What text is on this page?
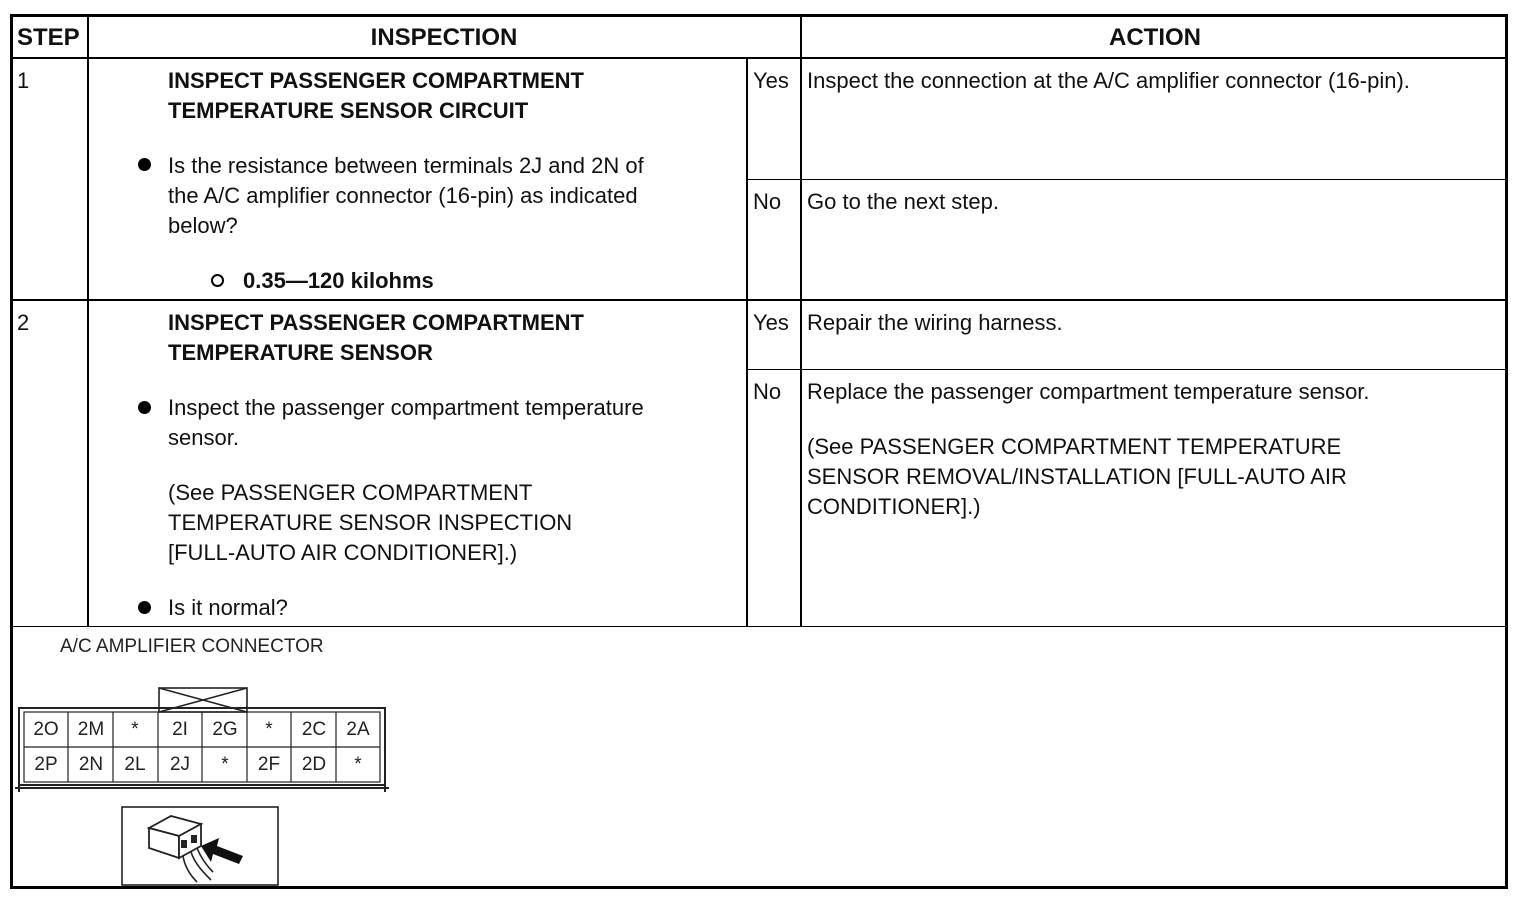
STEP	INSPECTION	ACTION
1	INSPECT PASSENGER COMPARTMENT
TEMPERATURE SENSOR CIRCUIT
Is the resistance between terminals 2J and 2N of
the A/C amplifier connector (16-pin) as indicated
below?
0.35—120 kilohms
Yes Inspect the connection at the A/C amplifier connector (16-pin).
No Go to the next step.
2	INSPECT PASSENGER COMPARTMENT
TEMPERATURE SENSOR
Inspect the passenger compartment temperature
sensor.
(See PASSENGER COMPARTMENT
TEMPERATURE SENSOR INSPECTION
[FULL-AUTO AIR CONDITIONER].)
Is it normal?
Yes Repair the wiring harness.
No Replace the passenger compartment temperature sensor.
(See PASSENGER COMPARTMENT TEMPERATURE
SENSOR REMOVAL/INSTALLATION [FULL-AUTO AIR
CONDITIONER].)
A/C AMPLIFIER CONNECTOR
2O	2M	*	2I	2G	*	2C	2A
2P	2N	2L	2J	*	2F	2D	*
